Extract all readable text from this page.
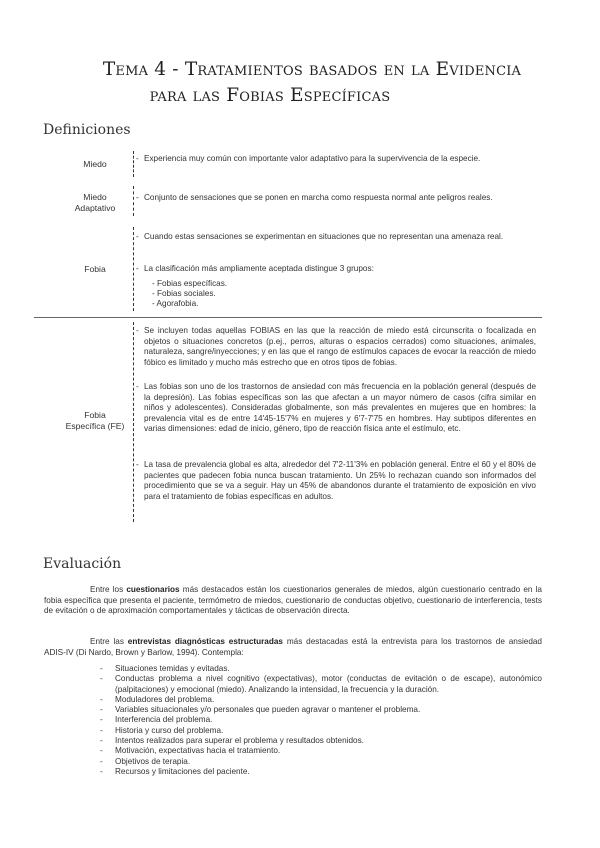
Tema 4 - Tratamientos basados en la Evidencia
para las Fobias Específicas
Definiciones
Miedo
- Experiencia muy común con importante valor adaptativo para la supervivencia de la especie.
Miedo
Adaptativo
- Conjunto de sensaciones que se ponen en marcha como respuesta normal ante peligros reales.
Fobia
- Cuando estas sensaciones se experimentan en situaciones que no representan una amenaza real.
- La clasificación más ampliamente aceptada distingue 3 grupos:
- Fobias específicas.
- Fobias sociales.
- Agorafobia.
Fobia
Específica (FE)
- Se incluyen todas aquellas FOBIAS en las que la reacción de miedo está circunscrita o focalizada en objetos o situaciones concretos (p.ej., perros, alturas o espacios cerrados) como situaciones, animales, naturaleza, sangre/inyecciones; y en las que el rango de estímulos capaces de evocar la reacción de miedo fóbico es limitado y mucho más estrecho que en otros tipos de fobias.
- Las fobias son uno de los trastornos de ansiedad con más frecuencia en la población general (después de la depresión). Las fobias específicas son las que afectan a un mayor número de casos (cifra similar en niños y adolescentes). Consideradas globalmente, son más prevalentes en mujeres que en hombres: la prevalencia vital es de entre 14'45-15'7% en mujeres y 6'7-7'75 en hombres. Hay subtipos diferentes en varias dimensiones: edad de inicio, género, tipo de reacción física ante el estímulo, etc.
- La tasa de prevalencia global es alta, alrededor del 7'2-11'3% en población general. Entre el 60 y el 80% de pacientes que padecen fobia nunca buscan tratamiento. Un 25% lo rechazan cuando son informados del procedimiento que se va a seguir. Hay un 45% de abandonos durante el tratamiento de exposición en vivo para el tratamiento de fobias específicas en adultos.
Evaluación
Entre los cuestionarios más destacados están los cuestionarios generales de miedos, algún cuestionario centrado en la fobia específica que presenta el paciente, termómetro de miedos, cuestionario de conductas objetivo, cuestionario de interferencia, tests de evitación o de aproximación comportamentales y tácticas de observación directa.
Entre las entrevistas diagnósticas estructuradas más destacadas está la entrevista para los trastornos de ansiedad ADIS-IV (Di Nardo, Brown y Barlow, 1994). Contempla:
- Situaciones temidas y evitadas.
- Conductas problema a nivel cognitivo (expectativas), motor (conductas de evitación o de escape), autonómico (palpitaciones) y emocional (miedo). Analizando la intensidad, la frecuencia y la duración.
- Moduladores del problema.
- Variables situacionales y/o personales que pueden agravar o mantener el problema.
- Interferencia del problema.
- Historia y curso del problema.
- Intentos realizados para superar el problema y resultados obtenidos.
- Motivación, expectativas hacia el tratamiento.
- Objetivos de terapia.
- Recursos y limitaciones del paciente.
